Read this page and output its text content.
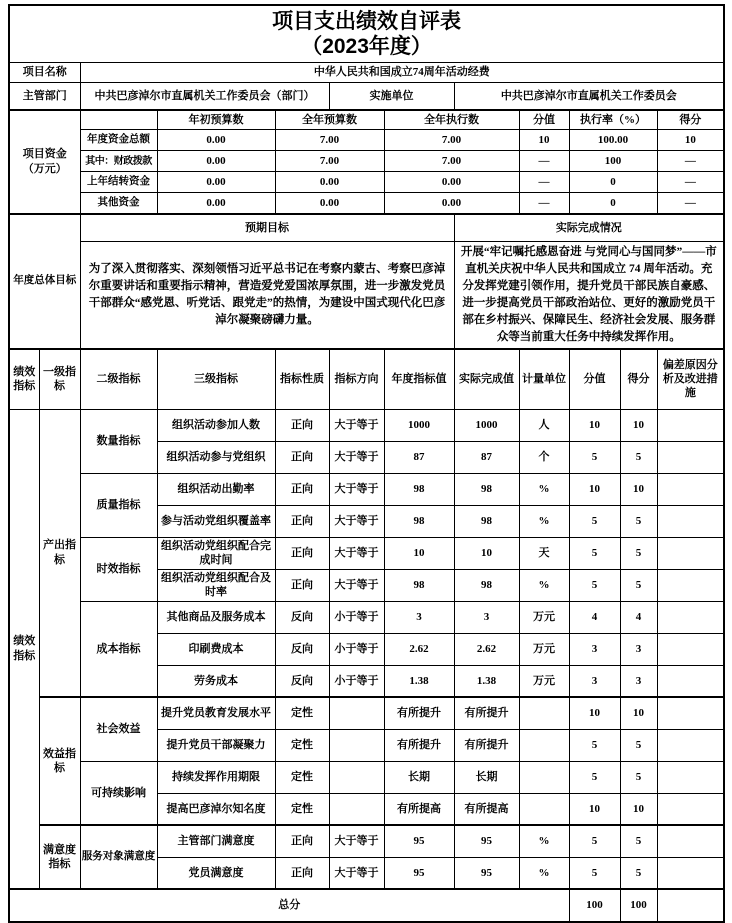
项目支出绩效自评表
（2023年度）											

项目名称		中华人民共和国成立74周年活动经费									
主管部门		中共巴彦淖尔市直属机关工作委员会（部门）			实施单位		中共巴彦淖尔市直属机关工作委员会				
项目资金（万元）			年初预算数	全年预算数		全年执行数		分值	执行率（%）		得分
		年度资金总额	0.00	7.00		7.00		10	100.00		10
		其中：财政拨款	0.00	7.00		7.00		—	100		—
		上年结转资金	0.00	0.00		0.00		—	0		—
		其他资金	0.00	0.00		0.00		—	0		—
年度总体目标		预期目标					实际完成情况				
		为了深入贯彻落实、深刻领悟习近平总书记在考察内蒙古、考察巴彦淖尔重要讲话和重要指示精神，营造爱党爱国浓厚氛围，进一步激发党员干部群众“感党恩、听党话、跟党走”的热情，为建设中国式现代化巴彦淖尔凝聚磅礴力量。					开展“牢记嘱托感恩奋进 与党同心与国同梦”——市直机关庆祝中华人民共和国成立 74 周年活动。充分发挥党建引领作用，提升党员干部民族自豪感、进一步提高党员干部政治站位、更好的激励党员干部在乡村振兴、保障民生、经济社会发展、服务群众等当前重大任务中持续发挥作用。				
绩效指标	一级指标	二级指标	三级指标	指标性质	指标方向	年度指标值	实际完成值	计量单位	分值	得分	偏差原因分析及改进措施
绩效指标	产出指标	数量指标	组织活动参加人数	正向	大于等于	1000	1000	人	10	10	
			组织活动参与党组织	正向	大于等于	87	87	个	5	5	
		质量指标	组织活动出勤率	正向	大于等于	98	98	%	10	10	
			参与活动党组织覆盖率	正向	大于等于	98	98	%	5	5	
		时效指标	组织活动党组织配合完成时间	正向	大于等于	10	10	天	5	5	
			组织活动党组织配合及时率	正向	大于等于	98	98	%	5	5	
		成本指标	其他商品及服务成本	反向	小于等于	3	3	万元	4	4	
			印刷费成本	反向	小于等于	2.62	2.62	万元	3	3	
			劳务成本	反向	小于等于	1.38	1.38	万元	3	3	
	效益指标	社会效益	提升党员教育发展水平	定性		有所提升	有所提升		10	10	
			提升党员干部凝聚力	定性		有所提升	有所提升		5	5	
		可持续影响	持续发挥作用期限	定性		长期	长期		5	5	
			提高巴彦淖尔知名度	定性		有所提高	有所提高		10	10	
	满意度指标	服务对象满意度	主管部门满意度	正向	大于等于	95	95	%	5	5	
			党员满意度	正向	大于等于	95	95	%	5	5	
总分									100	100	
